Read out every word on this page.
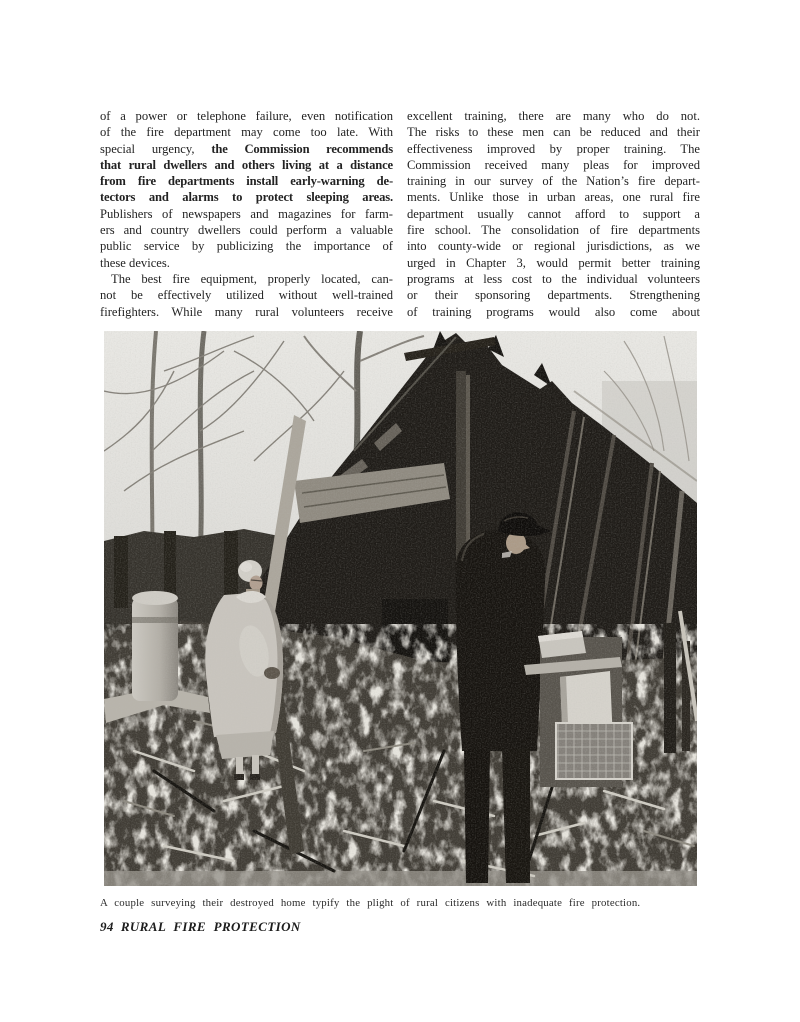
of a power or telephone failure, even notification
of the fire department may come too late. With
special urgency, the Commission recommends
that rural dwellers and others living at a distance
from fire departments install early-warning de-
tectors and alarms to protect sleeping areas.
Publishers of newspapers and magazines for farm-
ers and country dwellers could perform a valuable
public service by publicizing the importance of
these devices.
The best fire equipment, properly located, can-
not be effectively utilized without well-trained
firefighters. While many rural volunteers receive
excellent training, there are many who do not.
The risks to these men can be reduced and their
effectiveness improved by proper training. The
Commission received many pleas for improved
training in our survey of the Nation’s fire depart-
ments. Unlike those in urban areas, one rural fire
department usually cannot afford to support a
fire school. The consolidation of fire departments
into county-wide or regional jurisdictions, as we
urged in Chapter 3, would permit better training
programs at less cost to the individual volunteers
or their sponsoring departments. Strengthening
of training programs would also come about

A couple surveying their destroyed home typify the plight of rural citizens with inadequate fire protection.

94 RURAL FIRE PROTECTION
